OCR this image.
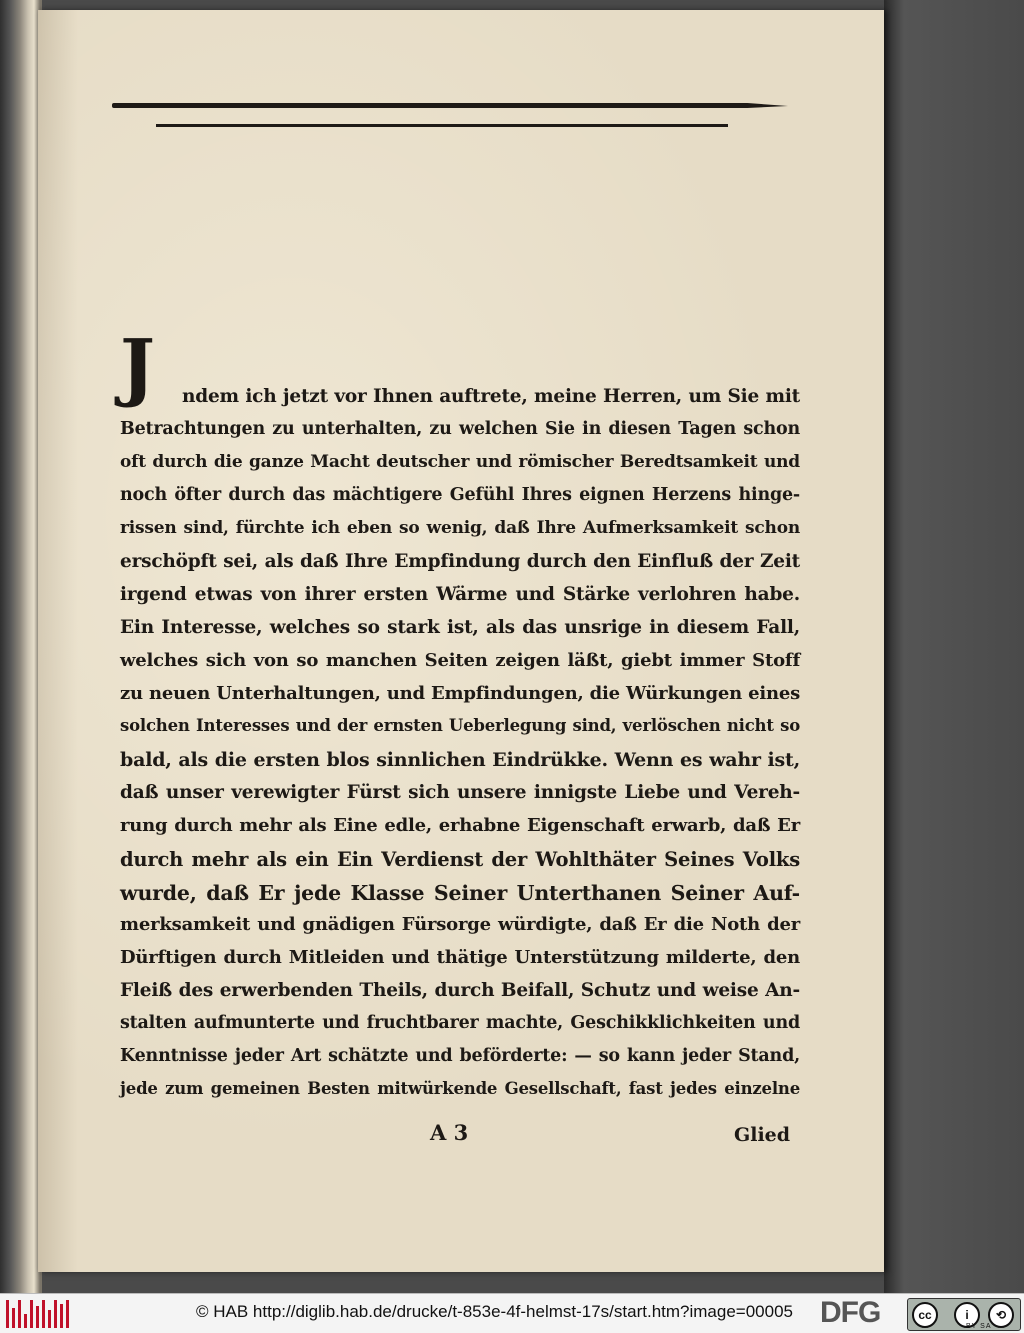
J	ndem ich jetzt vor Ihnen auftrete, meine Herren, um Sie mit
Betrachtungen zu unterhalten, zu welchen Sie in diesen Tagen schon
oft durch die ganze Macht deutscher und römischer Beredtsamkeit und
noch öfter durch das mächtigere Gefühl Ihres eignen Herzens hinge-
rissen sind, fürchte ich eben so wenig, daß Ihre Aufmerksamkeit schon
erschöpft sei, als daß Ihre Empfindung durch den Einfluß der Zeit
irgend etwas von ihrer ersten Wärme und Stärke verlohren habe.
Ein Interesse, welches so stark ist, als das unsrige in diesem Fall,
welches sich von so manchen Seiten zeigen läßt, giebt immer Stoff
zu neuen Unterhaltungen, und Empfindungen, die Würkungen eines
solchen Interesses und der ernsten Ueberlegung sind, verlöschen nicht so
bald, als die ersten blos sinnlichen Eindrükke. Wenn es wahr ist,
daß unser verewigter Fürst sich unsere innigste Liebe und Vereh-
rung durch mehr als Eine edle, erhabne Eigenschaft erwarb, daß Er
durch mehr als ein Ein Verdienst der Wohlthäter Seines Volks
wurde, daß Er jede Klasse Seiner Unterthanen Seiner Auf-
merksamkeit und gnädigen Fürsorge würdigte, daß Er die Noth der
Dürftigen durch Mitleiden und thätige Unterstützung milderte, den
Fleiß des erwerbenden Theils, durch Beifall, Schutz und weise An-
stalten aufmunterte und fruchtbarer machte, Geschikklichkeiten und
Kenntnisse jeder Art schätzte und beförderte: — so kann jeder Stand,
jede zum gemeinen Besten mitwürkende Gesellschaft, fast jedes einzelne
A 3	Glied
© HAB http://diglib.hab.de/drucke/t-853e-4f-helmst-17s/start.htm?image=00005 DFG	cc	i	⟲
BY SA
